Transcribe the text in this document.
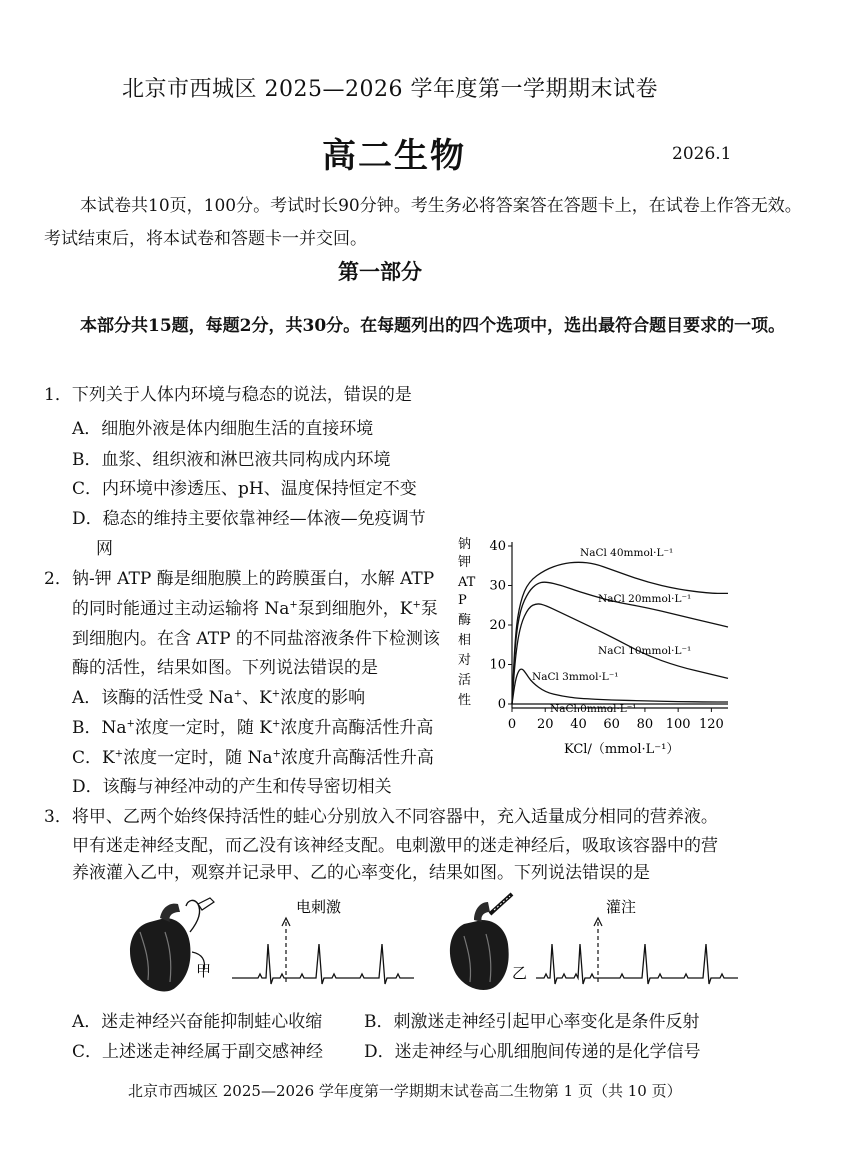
北京市西城区 2025—2026 学年度第一学期期末试卷
高二生物	2026.1
本试卷共10页，100分。考试时长90分钟。考生务必将答案答在答题卡上，在试卷上作答无效。考试结束后，将本试卷和答题卡一并交回。
第一部分
本部分共15题，每题2分，共30分。在每题列出的四个选项中，选出最符合题目要求的一项。
1．下列关于人体内环境与稳态的说法，错误的是
A．细胞外液是体内细胞生活的直接环境
B．血浆、组织液和淋巴液共同构成内环境
C．内环境中渗透压、pH、温度保持恒定不变
D．稳态的维持主要依靠神经—体液—免疫调节
网
2． 钠-钾 ATP 酶是细胞膜上的跨膜蛋白，水解 ATP
的同时能通过主动运输将 Na+泵到细胞外，K+泵
到细胞内。在含 ATP 的不同盐溶液条件下检测该
酶的活性，结果如图。下列说法错误的是
A．该酶的活性受 Na+、K+浓度的影响
B．Na+浓度一定时，随 K+浓度升高酶活性升高
C．K+浓度一定时，随 Na+浓度升高酶活性升高
D．该酶与神经冲动的产生和传导密切相关
钠
钾
AT
P
酶
相
对
活
性
NaCl 40mmol·L⁻¹
NaCl 20mmol·L⁻¹
NaCl 10mmol·L⁻¹
NaCl 3mmol·L⁻¹
NaCl 0mmol·L⁻¹
0
10
20
30
40
0 20 40 60 80 100 120
KCl/（mmol·L⁻¹）
3．将甲、乙两个始终保持活性的蛙心分别放入不同容器中，充入适量成分相同的营养液。
甲有迷走神经支配，而乙没有该神经支配。电刺激甲的迷走神经后，吸取该容器中的营
养液灌入乙中，观察并记录甲、乙的心率变化，结果如图。下列说法错误的是
甲
电刺激
乙
灌注
A．迷走神经兴奋能抑制蛙心收缩 B．刺激迷走神经引起甲心率变化是条件反射
C．上述迷走神经属于副交感神经 D．迷走神经与心肌细胞间传递的是化学信号
北京市西城区 2025—2026 学年度第一学期期末试卷高二生物第 1 页（共 10 页）
